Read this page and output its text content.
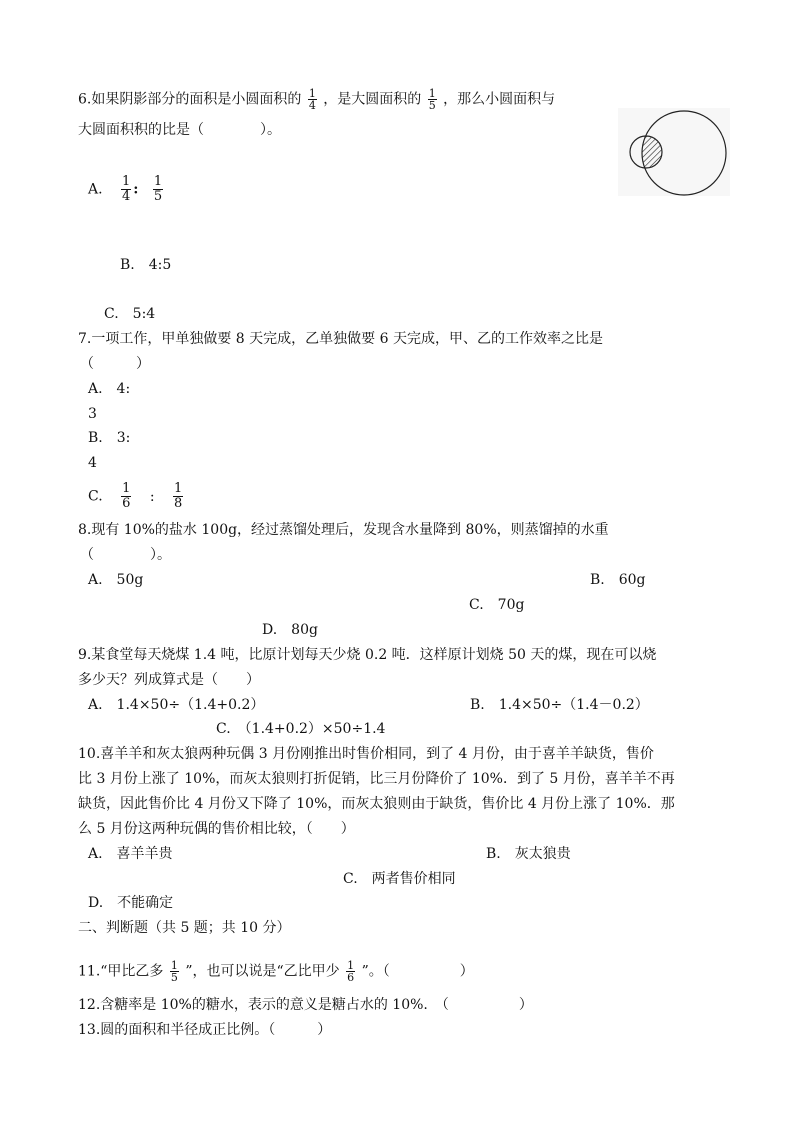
6.如果阴影部分的面积是小圆面积的 $\frac{1}{4}$ ，是大圆面积的 $\frac{1}{5}$ ，那么小圆面积与
大圆面积积的比是（　　　　）。
A. $\frac{1}{4}$ : $\frac{1}{5}$
B.　4:5
C.　5:4
7.一项工作，甲单独做要 8 天完成，乙单独做要 6 天完成，甲、乙的工作效率之比是
（　　　）
A.　4:
3
B.　3:
4
C. $\frac{1}{6}$ : $\frac{1}{8}$
8.现有 10%的盐水 100g，经过蒸馏处理后，发现含水量降到 80%，则蒸馏掉的水重
（　　　　）。
A.　50g	B.　60g
C.　70g
D.　80g
9.某食堂每天烧煤 1.4 吨，比原计划每天少烧 0.2 吨．这样原计划烧 50 天的煤，现在可以烧
多少天？列成算式是（　　）
A.　1.4×50÷（1.4+0.2）	B.　1.4×50÷（1.4－0.2）
C.　（1.4+0.2）×50÷1.4
10.喜羊羊和灰太狼两种玩偶 3 月份刚推出时售价相同，到了 4 月份，由于喜羊羊缺货，售价
比 3 月份上涨了 10%，而灰太狼则打折促销，比三月份降价了 10%．到了 5 月份，喜羊羊不再
缺货，因此售价比 4 月份又下降了 10%，而灰太狼则由于缺货，售价比 4 月份上涨了 10%．那
么 5 月份这两种玩偶的售价相比较，（　　）
A.　喜羊羊贵	B.　灰太狼贵
C.　两者售价相同
D.　不能确定
二、判断题（共 5 题；共 10 分）
11.“甲比乙多 $\frac{1}{5}$ ”，也可以说是“乙比甲少 $\frac{1}{6}$ ”。（　　　　　）
12.含糖率是 10%的糖水，表示的意义是糖占水的 10%.　（　　　　　）
13.圆的面积和半径成正比例。（　　　）
